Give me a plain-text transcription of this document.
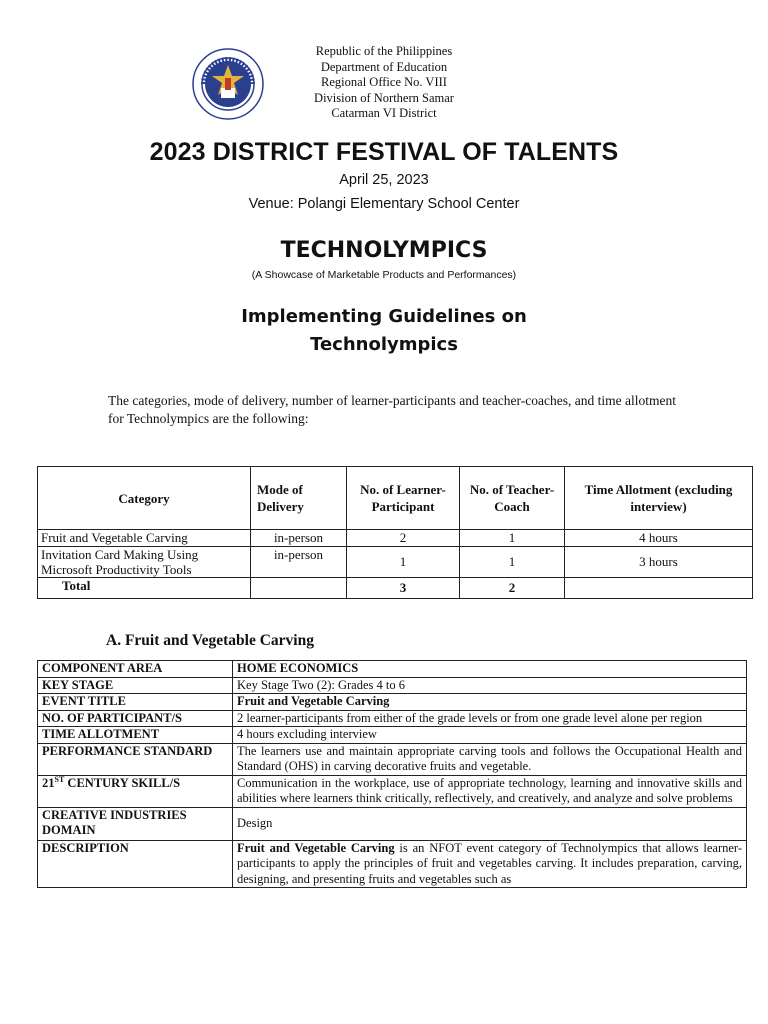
Republic of the Philippines
Department of Education
Regional Office No. VIII
Division of Northern Samar
Catarman VI District
2023 DISTRICT FESTIVAL OF TALENTS
April 25, 2023
Venue: Polangi Elementary School Center
TECHNOLYMPICS
(A Showcase of Marketable Products and Performances)
Implementing Guidelines on
Technolympics
The categories, mode of delivery, number of learner-participants and teacher-coaches, and time allotment for Technolympics are the following:
Category	Mode of Delivery	No. of Learner-Participant	No. of Teacher-Coach	Time Allotment (excluding interview)
Fruit and Vegetable Carving	in-person	2	1	4 hours
Invitation Card Making Using Microsoft Productivity Tools	in-person	1	1	3 hours
Total		3	2	
A. Fruit and Vegetable Carving
COMPONENT AREA	HOME ECONOMICS
KEY STAGE	Key Stage Two (2): Grades 4 to 6
EVENT TITLE	Fruit and Vegetable Carving
NO. OF PARTICIPANT/S	2 learner-participants from either of the grade levels or from one grade level alone per region
TIME ALLOTMENT	4 hours excluding interview
PERFORMANCE STANDARD	The learners use and maintain appropriate carving tools and follows the Occupational Health and Standard (OHS) in carving decorative fruits and vegetable.
21ST CENTURY SKILL/S	Communication in the workplace, use of appropriate technology, learning and innovative skills and abilities where learners think critically, reflectively, and creatively, and analyze and solve problems
CREATIVE INDUSTRIES DOMAIN	Design
DESCRIPTION	Fruit and Vegetable Carving is an NFOT event category of Technolympics that allows learner-participants to apply the principles of fruit and vegetables carving. It includes preparation, carving, designing, and presenting fruits and vegetables such as
